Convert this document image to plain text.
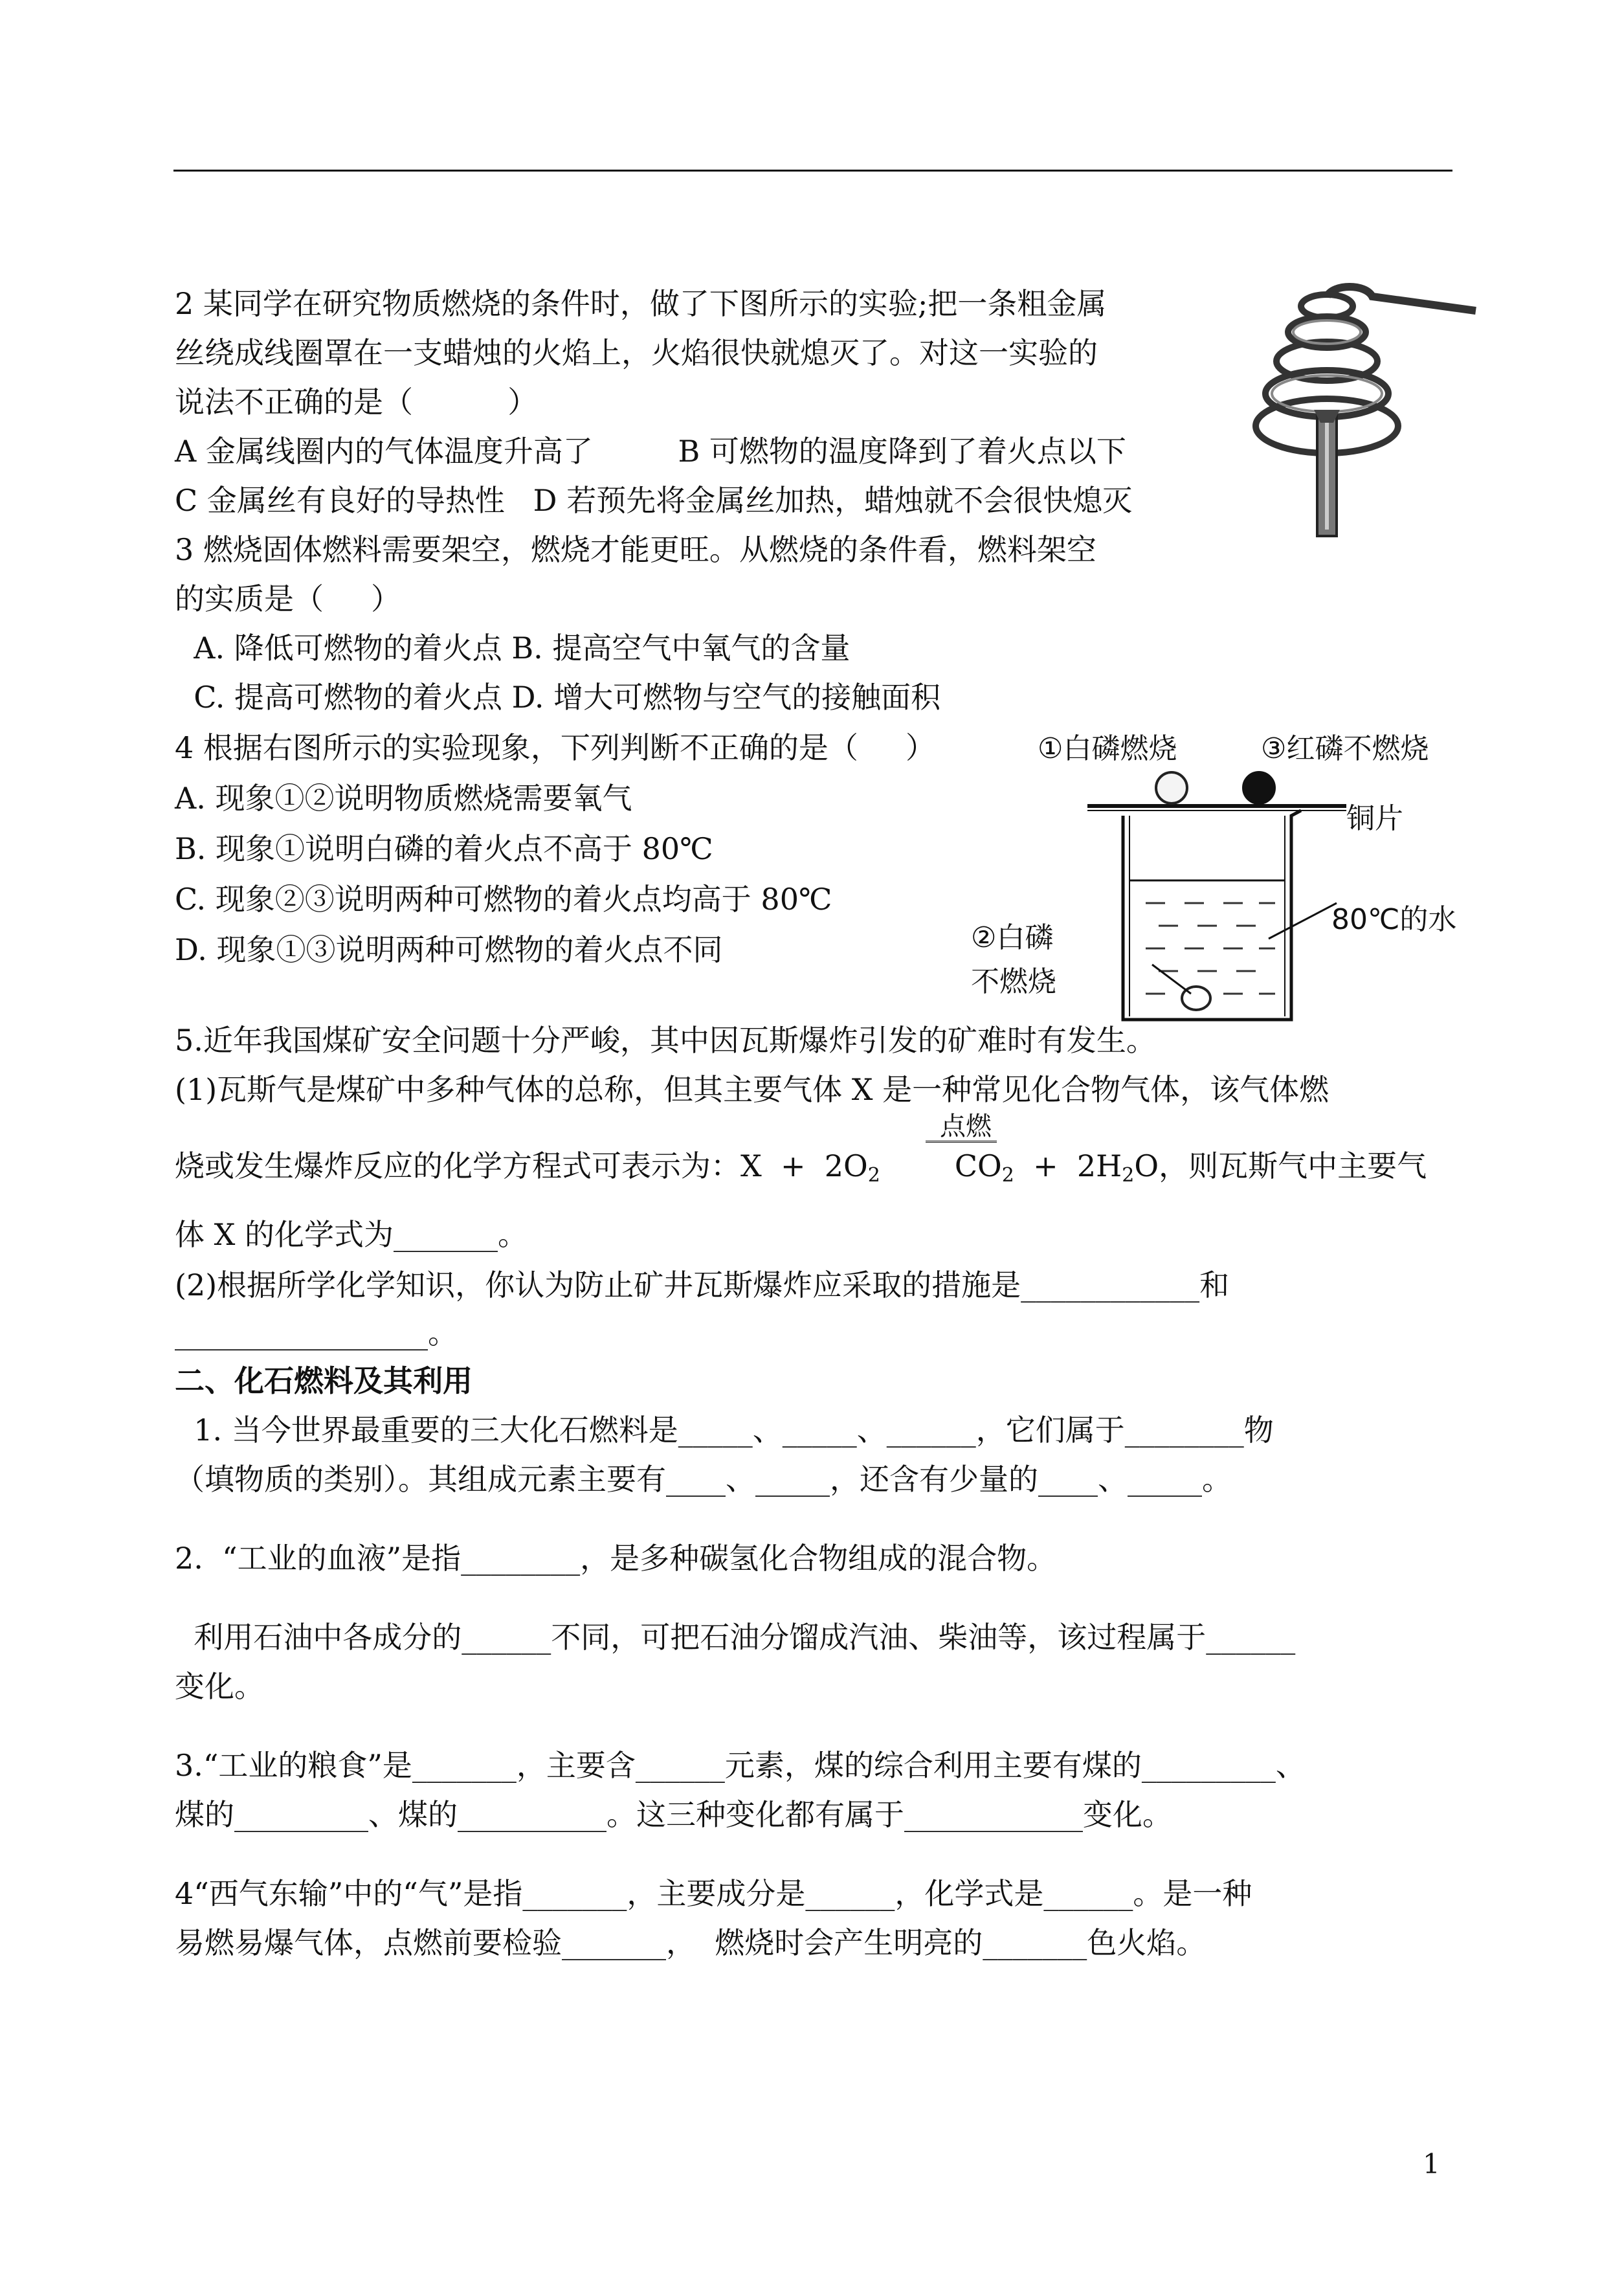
2 某同学在研究物质燃烧的条件时，做了下图所示的实验;把一条粗金属
丝绕成线圈罩在一支蜡烛的火焰上，火焰很快就熄灭了。对这一实验的
说法不正确的是（          ）
A 金属线圈内的气体温度升高了         B 可燃物的温度降到了着火点以下
C 金属丝有良好的导热性   D 若预先将金属丝加热，蜡烛就不会很快熄灭
3 燃烧固体燃料需要架空，燃烧才能更旺。从燃烧的条件看，燃料架空
的实质是（     ）
A. 降低可燃物的着火点 B. 提高空气中氧气的含量
C. 提高可燃物的着火点 D. 增大可燃物与空气的接触面积
4 根据右图所示的实验现象，下列判断不正确的是（     ）
A. 现象①②说明物质燃烧需要氧气
B. 现象①说明白磷的着火点不高于 80℃
C. 现象②③说明两种可燃物的着火点均高于 80℃
D. 现象①③说明两种可燃物的着火点不同
①白磷燃烧	③红磷不燃烧
铜片
80℃的水
②白磷
不燃烧
5.近年我国煤矿安全问题十分严峻，其中因瓦斯爆炸引发的矿难时有发生。
(1)瓦斯气是煤矿中多种气体的总称，但其主要气体 X 是一种常见化合物气体，该气体燃
点燃
烧或发生爆炸反应的化学方程式可表示为：$X + 2O_2$	$CO_2 + 2H_2O$，则瓦斯气中主要气
体 X 的化学式为_______。
(2)根据所学化学知识，你认为防止矿井瓦斯爆炸应采取的措施是____________和
_________________。
二、化石燃料及其利用
1. 当今世界最重要的三大化石燃料是_____、_____、______，它们属于________物
（填物质的类别）。其组成元素主要有____、_____，还含有少量的____、_____。
2.  “工业的血液”是指________，是多种碳氢化合物组成的混合物。
利用石油中各成分的______不同，可把石油分馏成汽油、柴油等，该过程属于______
变化。
3.“工业的粮食”是_______，主要含______元素，煤的综合利用主要有煤的_________、
煤的_________、煤的__________。这三种变化都有属于____________变化。
4“西气东输”中的“气”是指_______，主要成分是______，化学式是______。是一种
易燃易爆气体，点燃前要检验_______，  燃烧时会产生明亮的_______色火焰。
1
